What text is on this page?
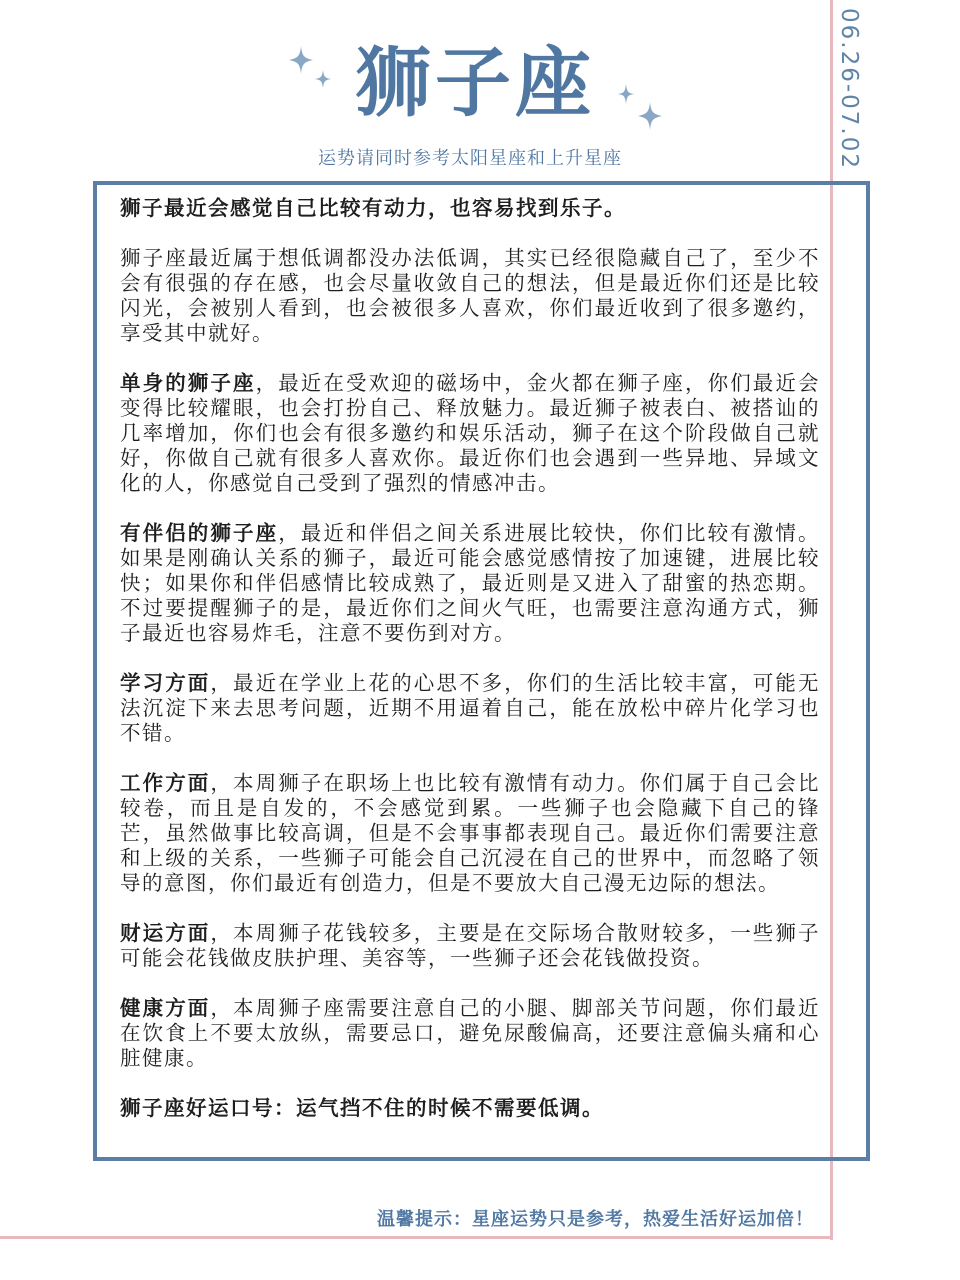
06.26-07.02
狮子座
运势请同时参考太阳星座和上升星座

狮子最近会感觉自己比较有动力，也容易找到乐子。

狮子座最近属于想低调都没办法低调，其实已经很隐藏自己了，至少不会有很强的存在感，也会尽量收敛自己的想法，但是最近你们还是比较闪光，会被别人看到，也会被很多人喜欢，你们最近收到了很多邀约，享受其中就好。

单身的狮子座，最近在受欢迎的磁场中，金火都在狮子座，你们最近会变得比较耀眼，也会打扮自己、释放魅力。最近狮子被表白、被搭讪的几率增加，你们也会有很多邀约和娱乐活动，狮子在这个阶段做自己就好，你做自己就有很多人喜欢你。最近你们也会遇到一些异地、异域文化的人，你感觉自己受到了强烈的情感冲击。

有伴侣的狮子座，最近和伴侣之间关系进展比较快，你们比较有激情。如果是刚确认关系的狮子，最近可能会感觉感情按了加速键，进展比较快；如果你和伴侣感情比较成熟了，最近则是又进入了甜蜜的热恋期。不过要提醒狮子的是，最近你们之间火气旺，也需要注意沟通方式，狮子最近也容易炸毛，注意不要伤到对方。

学习方面，最近在学业上花的心思不多，你们的生活比较丰富，可能无法沉淀下来去思考问题，近期不用逼着自己，能在放松中碎片化学习也不错。

工作方面，本周狮子在职场上也比较有激情有动力。你们属于自己会比较卷，而且是自发的，不会感觉到累。一些狮子也会隐藏下自己的锋芒，虽然做事比较高调，但是不会事事都表现自己。最近你们需要注意和上级的关系，一些狮子可能会自己沉浸在自己的世界中，而忽略了领导的意图，你们最近有创造力，但是不要放大自己漫无边际的想法。

财运方面，本周狮子花钱较多，主要是在交际场合散财较多，一些狮子可能会花钱做皮肤护理、美容等，一些狮子还会花钱做投资。

健康方面，本周狮子座需要注意自己的小腿、脚部关节问题，你们最近在饮食上不要太放纵，需要忌口，避免尿酸偏高，还要注意偏头痛和心脏健康。

狮子座好运口号：运气挡不住的时候不需要低调。

温馨提示：星座运势只是参考，热爱生活好运加倍！
